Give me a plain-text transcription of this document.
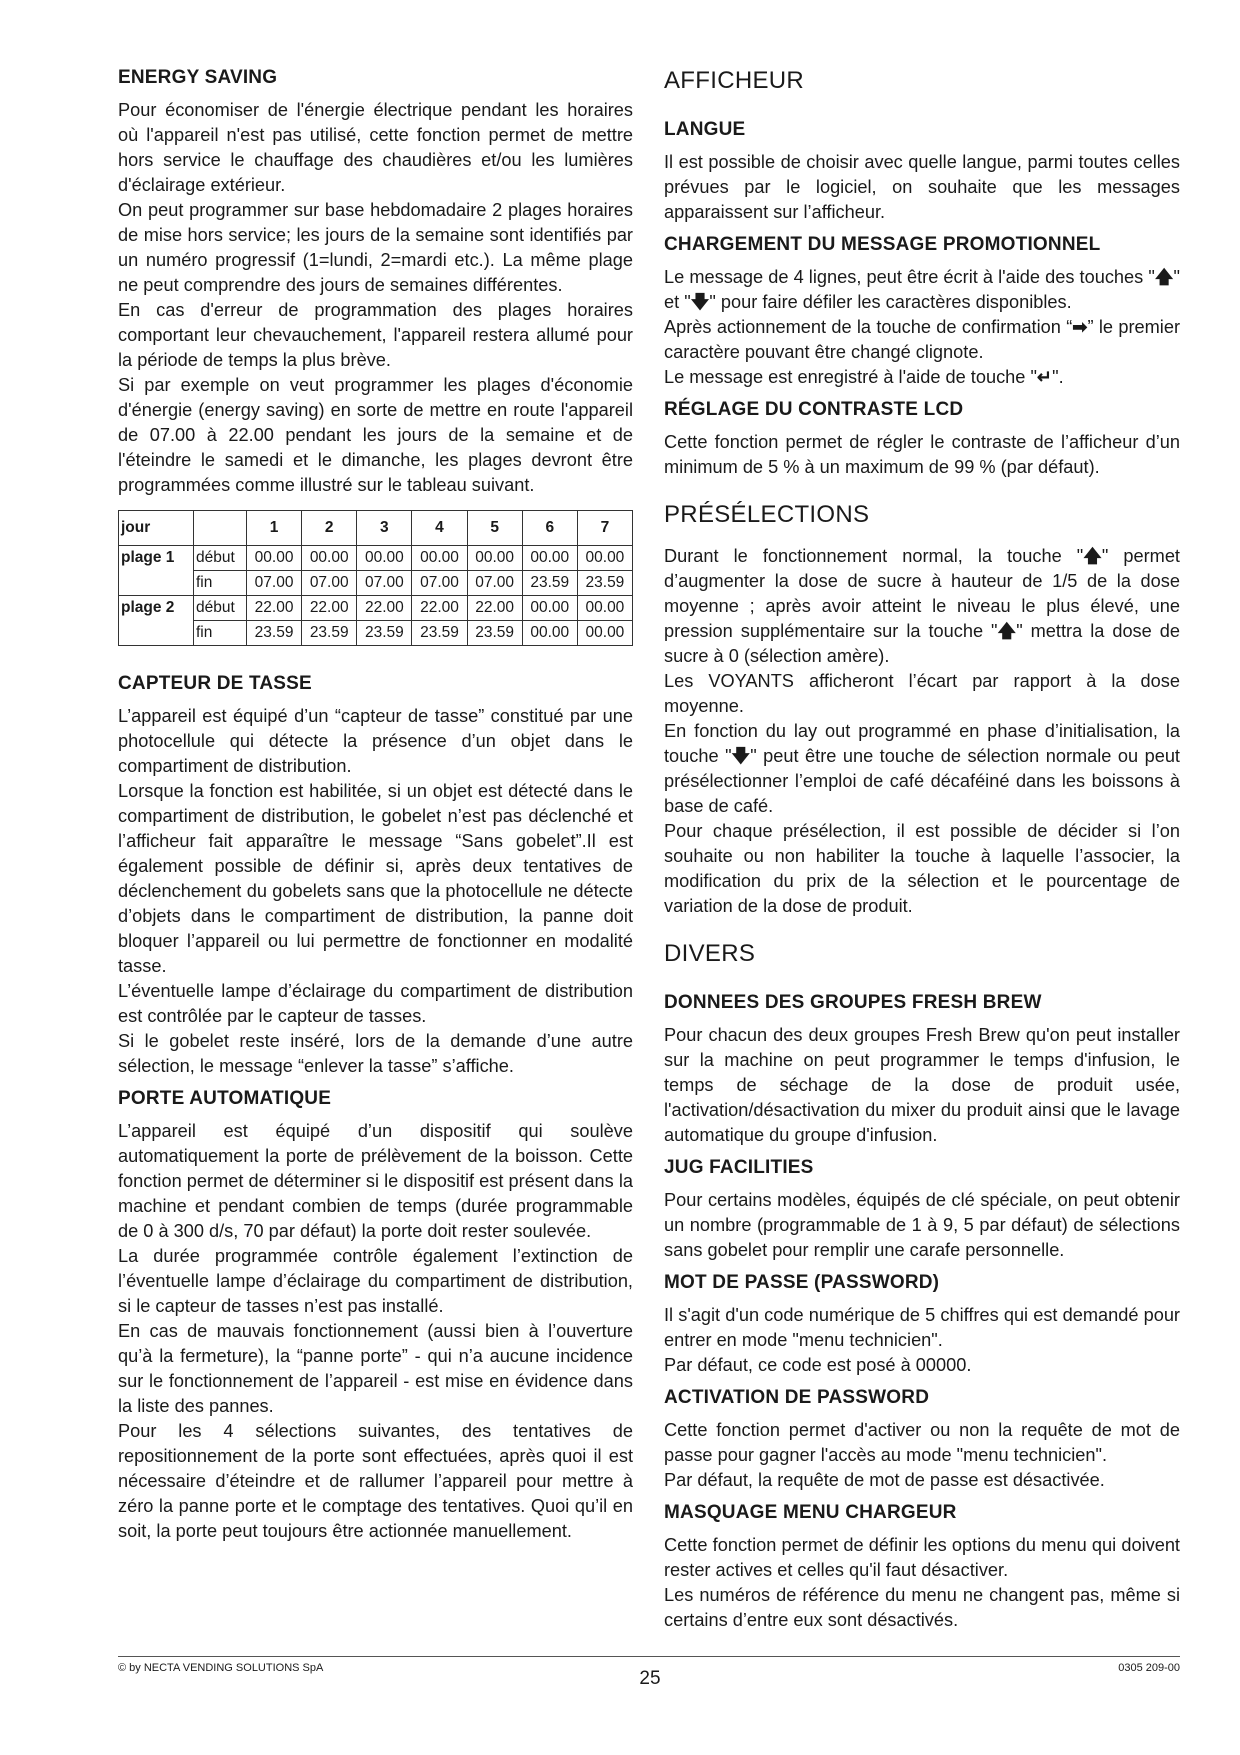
ENERGY SAVING

Pour économiser de l'énergie électrique pendant les horaires où l'appareil n'est pas utilisé, cette fonction permet de mettre hors service le chauffage des chaudières et/ou les lumières d'éclairage extérieur.

On peut programmer sur base hebdomadaire 2 plages horaires de mise hors service; les jours de la semaine sont identifiés par un numéro progressif (1=lundi, 2=mardi etc.). La même plage ne peut comprendre des jours de semaines différentes.

En cas d'erreur de programmation des plages horaires comportant leur chevauchement, l'appareil restera allumé pour la période de temps la plus brève.

Si par exemple on veut programmer les plages d'économie d'énergie (energy saving) en sorte de mettre en route l'appareil de 07.00 à 22.00 pendant les jours de la semaine et de l'éteindre le samedi et le dimanche, les plages devront être programmées comme illustré sur le tableau suivant.

jour		1	2	3	4	5	6	7
plage 1	début	00.00	00.00	00.00	00.00	00.00	00.00	00.00
	fin	07.00	07.00	07.00	07.00	07.00	23.59	23.59
plage 2	début	22.00	22.00	22.00	22.00	22.00	00.00	00.00
	fin	23.59	23.59	23.59	23.59	23.59	00.00	00.00
CAPTEUR DE TASSE

L’appareil est équipé d’un “capteur de tasse” constitué par une photocellule qui détecte la présence d’un objet dans le compartiment de distribution.

Lorsque la fonction est habilitée, si un objet est détecté dans le compartiment de distribution, le gobelet n’est pas déclenché et l’afficheur fait apparaître le message “Sans gobelet”.Il est également possible de définir si, après deux tentatives de déclenchement du gobelets sans que la photocellule ne détecte d’objets dans le compartiment de distribution, la panne doit bloquer l’appareil ou lui permettre de fonctionner en modalité tasse.

L’éventuelle lampe d’éclairage du compartiment de distribution est contrôlée par le capteur de tasses.

Si le gobelet reste inséré, lors de la demande d’une autre sélection, le message “enlever la tasse” s’affiche.

PORTE AUTOMATIQUE

L’appareil est équipé d’un dispositif qui soulève automatiquement la porte de prélèvement de la boisson. Cette fonction permet de déterminer si le dispositif est présent dans la machine et pendant combien de temps (durée programmable de 0 à 300 d/s, 70 par défaut) la porte doit rester soulevée.

La durée programmée contrôle également l’extinction de l’éventuelle lampe d’éclairage du compartiment de distribution, si le capteur de tasses n’est pas installé.

En cas de mauvais fonctionnement (aussi bien à l’ouverture qu’à la fermeture), la “panne porte” - qui n’a aucune incidence sur le fonctionnement de l’appareil - est mise en évidence dans la liste des pannes.

Pour les 4 sélections suivantes, des tentatives de repositionnement de la porte sont effectuées, après quoi il est nécessaire d’éteindre et de rallumer l’appareil pour mettre à zéro la panne porte et le comptage des tentatives. Quoi qu’il en soit, la porte peut toujours être actionnée manuellement.

AFFICHEUR
LANGUE

Il est possible de choisir avec quelle langue, parmi toutes celles prévues par le logiciel, on souhaite que les messages apparaissent sur l’afficheur.

CHARGEMENT DU MESSAGE PROMOTIONNEL

Le message de 4 lignes, peut être écrit à l'aide des touches "🡅" et "🡇" pour faire défiler les caractères disponibles.

Après actionnement de la touche de confirmation “➡” le premier caractère pouvant être changé clignote.

Le message est enregistré à l'aide de touche "↵".

RÉGLAGE DU CONTRASTE LCD

Cette fonction permet de régler le contraste de l’afficheur d’un minimum de 5 % à un maximum de 99 % (par défaut).

PRÉSÉLECTIONS

Durant le fonctionnement normal, la touche "🡅" permet d’augmenter la dose de sucre à hauteur de 1/5 de la dose moyenne ; après avoir atteint le niveau le plus élevé, une pression supplémentaire sur la touche "🡅" mettra la dose de sucre à 0 (sélection amère).

Les VOYANTS afficheront l’écart par rapport à la dose moyenne.

En fonction du lay out programmé en phase d’initialisation, la touche "🡇" peut être une touche de sélection normale ou peut présélectionner l’emploi de café décaféiné dans les boissons à base de café.

Pour chaque présélection, il est possible de décider si l’on souhaite ou non habiliter la touche à laquelle l’associer, la modification du prix de la sélection et le pourcentage de variation de la dose de produit.

DIVERS
DONNEES DES GROUPES FRESH BREW

Pour chacun des deux groupes Fresh Brew qu'on peut installer sur la machine on peut programmer le temps d'infusion, le temps de séchage de la dose de produit usée, l'activation/désactivation du mixer du produit ainsi que le lavage automatique du groupe d'infusion.

JUG FACILITIES

Pour certains modèles, équipés de clé spéciale, on peut obtenir un nombre (programmable de 1 à 9, 5 par défaut) de sélections sans gobelet pour remplir une carafe personnelle.

MOT DE PASSE (PASSWORD)

Il s'agit d'un code numérique de 5 chiffres qui est demandé pour entrer en mode "menu technicien".

Par défaut, ce code est posé à 00000.

ACTIVATION DE PASSWORD

Cette fonction permet d'activer ou non la requête de mot de passe pour gagner l'accès au mode "menu technicien".

Par défaut, la requête de mot de passe est désactivée.

MASQUAGE MENU CHARGEUR

Cette fonction permet de définir les options du menu qui doivent rester actives et celles qu'il faut désactiver.

Les numéros de référence du menu ne changent pas, même si certains d’entre eux sont désactivés.

© by NECTA VENDING SOLUTIONS SpA	25	0305 209-00
